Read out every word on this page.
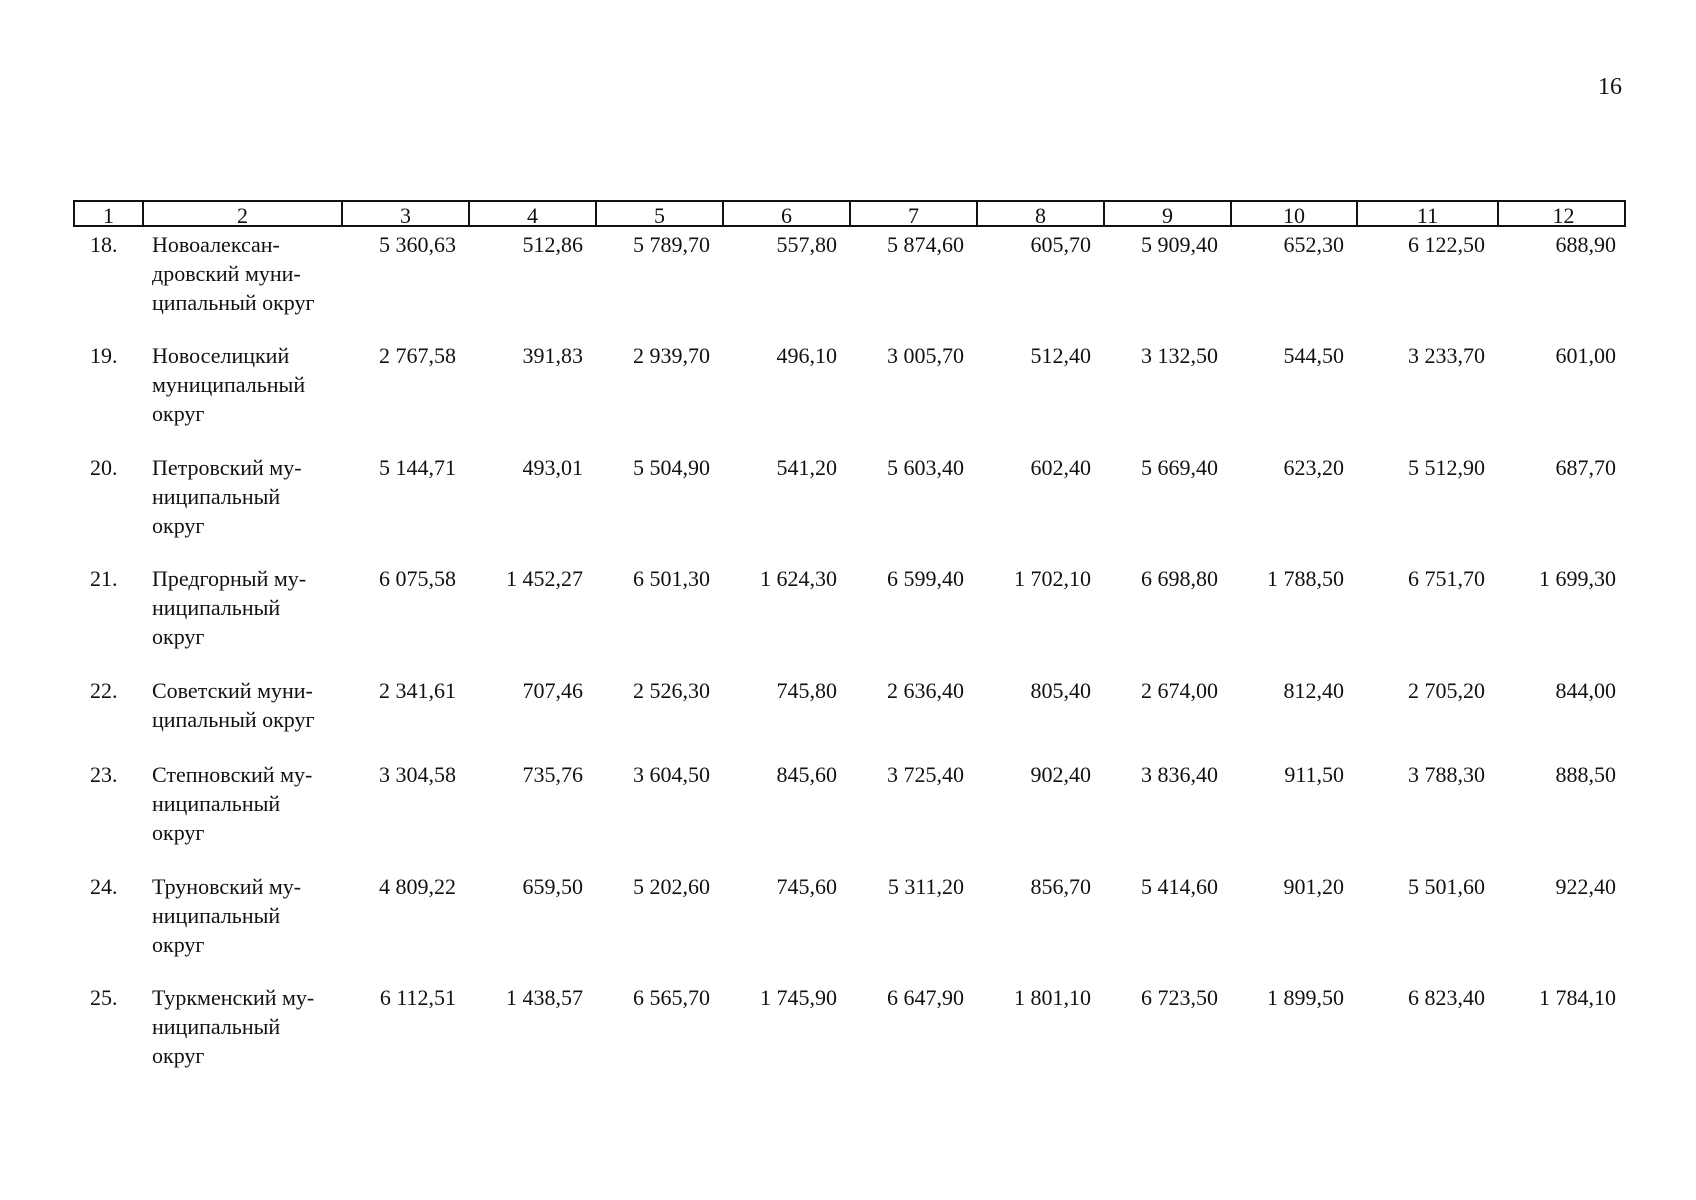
16
1	2	3	4	5	6	7	8	9	10	11	12
18. Новоалексан-
дровский муни-
ципальный округ
5 360,63	512,86	5 789,70	557,80	5 874,60	605,70	5 909,40	652,30	6 122,50	688,90
19. Новоселицкий
муниципальный
округ
2 767,58	391,83	2 939,70	496,10	3 005,70	512,40	3 132,50	544,50	3 233,70	601,00
20. Петровский му-
ниципальный
округ
5 144,71	493,01	5 504,90	541,20	5 603,40	602,40	5 669,40	623,20	5 512,90	687,70
21. Предгорный му-
ниципальный
округ
6 075,58	1 452,27	6 501,30	1 624,30	6 599,40	1 702,10	6 698,80	1 788,50	6 751,70	1 699,30
22. Советский муни-
ципальный округ
2 341,61	707,46	2 526,30	745,80	2 636,40	805,40	2 674,00	812,40	2 705,20	844,00
23. Степновский му-
ниципальный
округ
3 304,58	735,76	3 604,50	845,60	3 725,40	902,40	3 836,40	911,50	3 788,30	888,50
24. Труновский му-
ниципальный
округ
4 809,22	659,50	5 202,60	745,60	5 311,20	856,70	5 414,60	901,20	5 501,60	922,40
25. Туркменский му-
ниципальный
округ
6 112,51	1 438,57	6 565,70	1 745,90	6 647,90	1 801,10	6 723,50	1 899,50	6 823,40	1 784,10
